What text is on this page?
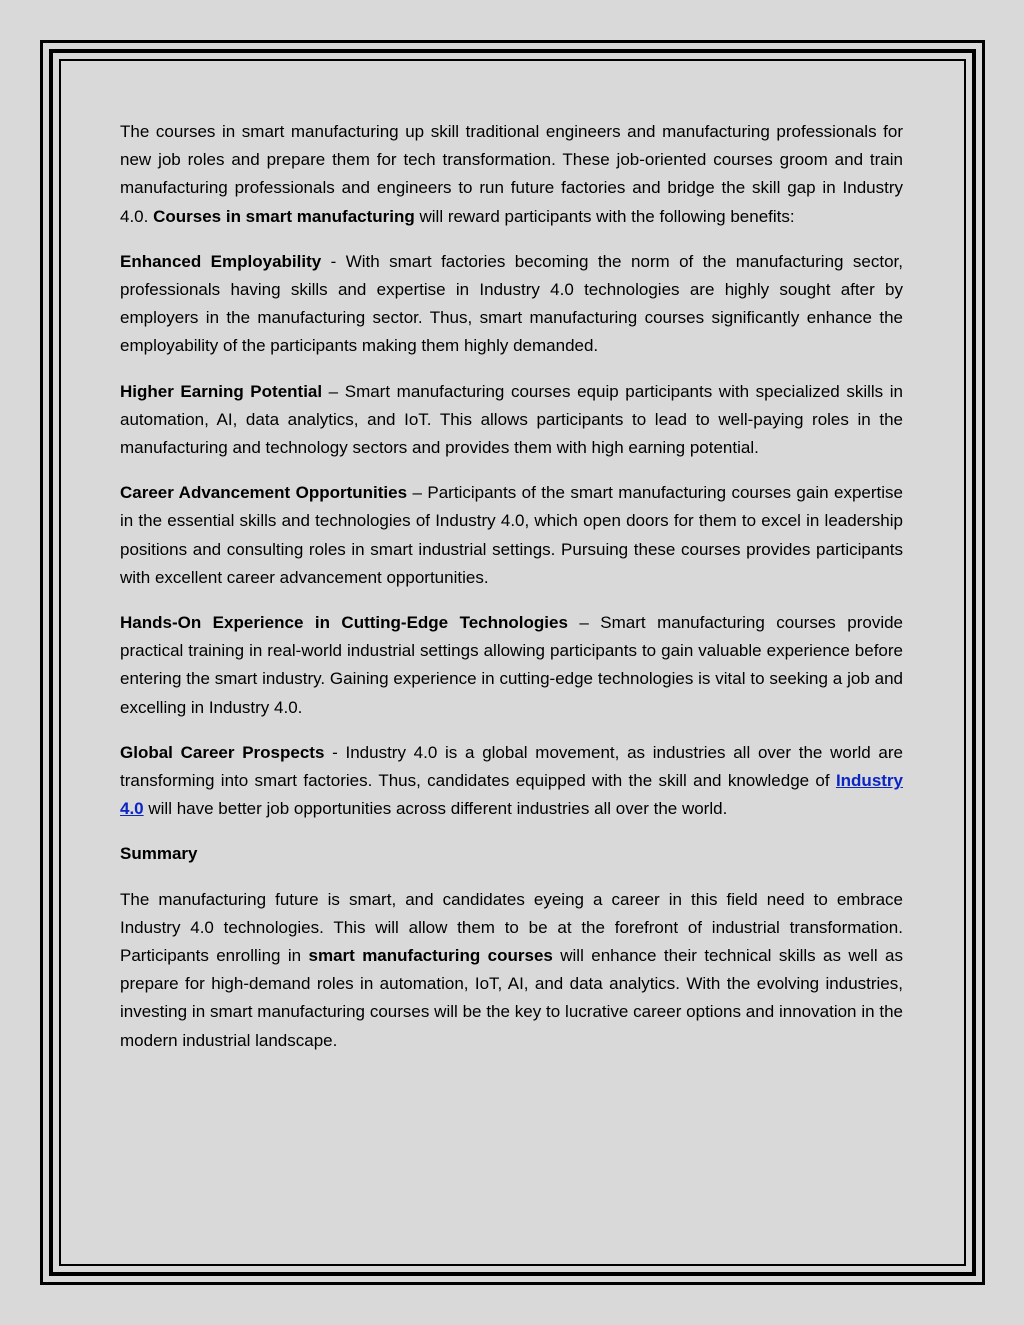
The courses in smart manufacturing up skill traditional engineers and manufacturing professionals for new job roles and prepare them for tech transformation. These job-oriented courses groom and train manufacturing professionals and engineers to run future factories and bridge the skill gap in Industry 4.0. Courses in smart manufacturing will reward participants with the following benefits:

Enhanced Employability - With smart factories becoming the norm of the manufacturing sector, professionals having skills and expertise in Industry 4.0 technologies are highly sought after by employers in the manufacturing sector. Thus, smart manufacturing courses significantly enhance the employability of the participants making them highly demanded.

Higher Earning Potential – Smart manufacturing courses equip participants with specialized skills in automation, AI, data analytics, and IoT. This allows participants to lead to well-paying roles in the manufacturing and technology sectors and provides them with high earning potential.

Career Advancement Opportunities – Participants of the smart manufacturing courses gain expertise in the essential skills and technologies of Industry 4.0, which open doors for them to excel in leadership positions and consulting roles in smart industrial settings. Pursuing these courses provides participants with excellent career advancement opportunities.

Hands-On Experience in Cutting-Edge Technologies – Smart manufacturing courses provide practical training in real-world industrial settings allowing participants to gain valuable experience before entering the smart industry. Gaining experience in cutting-edge technologies is vital to seeking a job and excelling in Industry 4.0.

Global Career Prospects - Industry 4.0 is a global movement, as industries all over the world are transforming into smart factories. Thus, candidates equipped with the skill and knowledge of Industry 4.0 will have better job opportunities across different industries all over the world.

Summary

The manufacturing future is smart, and candidates eyeing a career in this field need to embrace Industry 4.0 technologies. This will allow them to be at the forefront of industrial transformation. Participants enrolling in smart manufacturing courses will enhance their technical skills as well as prepare for high-demand roles in automation, IoT, AI, and data analytics. With the evolving industries, investing in smart manufacturing courses will be the key to lucrative career options and innovation in the modern industrial landscape.
